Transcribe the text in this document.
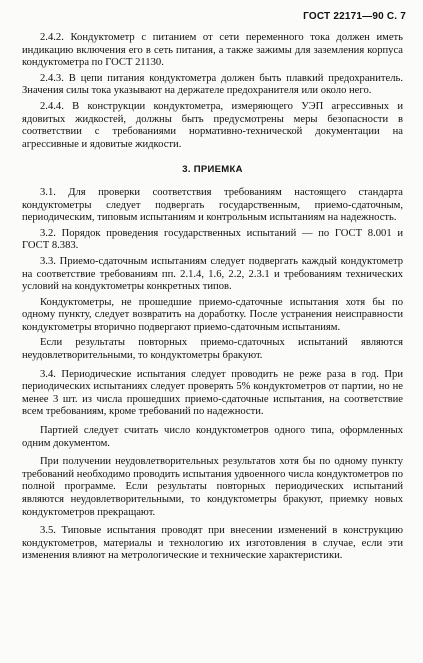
ГОСТ 22171—90 С. 7

2.4.2. Кондуктометр с питанием от сети переменного тока должен иметь индикацию включения его в сеть питания, а также зажимы для заземления корпуса кондуктометра по ГОСТ 21130.

2.4.3. В цепи питания кондуктометра должен быть плавкий предохранитель. Значения силы тока указывают на держателе предохранителя или около него.

2.4.4. В конструкции кондуктометра, измеряющего УЭП агрессивных и ядовитых жидкостей, должны быть предусмотрены меры безопасности в соответствии с требованиями нормативно-технической документации на агрессивные и ядовитые жидкости.

3. ПРИЕМКА

3.1. Для проверки соответствия требованиям настоящего стандарта кондуктометры следует подвергать государственным, приемо-сдаточным, периодическим, типовым испытаниям и контрольным испытаниям на надежность.

3.2. Порядок проведения государственных испытаний — по ГОСТ 8.001 и ГОСТ 8.383.

3.3. Приемо-сдаточным испытаниям следует подвергать каждый кондуктометр на соответствие требованиям пп. 2.1.4, 1.6, 2.2, 2.3.1 и требованиям технических условий на кондуктометры конкретных типов.

Кондуктометры, не прошедшие приемо-сдаточные испытания хотя бы по одному пункту, следует возвратить на доработку. После устранения неисправности кондуктометры вторично подвергают приемо-сдаточным испытаниям.

Если результаты повторных приемо-сдаточных испытаний являются неудовлетворительными, то кондуктометры бракуют.

3.4. Периодические испытания следует проводить не реже раза в год. При периодических испытаниях следует проверять 5% кондуктометров от партии, но не менее 3 шт. из числа прошедших приемо-сдаточные испытания, на соответствие всем требованиям, кроме требований по надежности.

Партией следует считать число кондуктометров одного типа, оформленных одним документом.

При получении неудовлетворительных результатов хотя бы по одному пункту требований необходимо проводить испытания удвоенного числа кондуктометров по полной программе. Если результаты повторных периодических испытаний являются неудовлетворительными, то кондуктометры бракуют, приемку новых кондуктометров прекращают.

3.5. Типовые испытания проводят при внесении изменений в конструкцию кондуктометров, материалы и технологию их изготовления в случае, если эти изменения влияют на метрологические и технические характеристики.
